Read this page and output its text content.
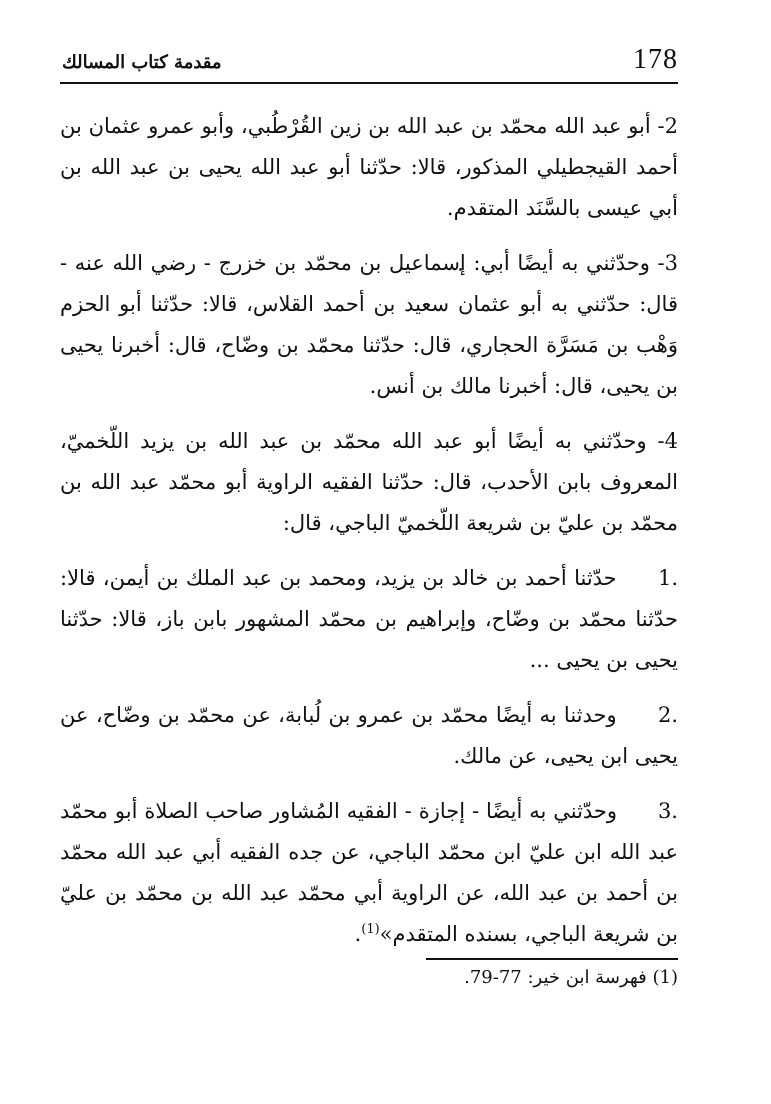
178
مقدمة كتاب المسالك

2- أبو عبد الله محمّد بن عبد الله بن زين القُرْطُبي، وأبو عمرو عثمان بن أحمد القيجطيلي المذكور، قالا: حدّثنا أبو عبد الله يحيى بن عبد الله بن أبي عيسى بالسَّنَد المتقدم.

3- وحدّثني به أيضًا أبي: إسماعيل بن محمّد بن خزرج - رضي الله عنه - قال: حدّثني به أبو عثمان سعيد بن أحمد القلاس، قالا: حدّثنا أبو الحزم وَهْب بن مَسَرَّة الحجاري، قال: حدّثنا محمّد بن وضّاح، قال: أخبرنا يحيى بن يحيى، قال: أخبرنا مالك بن أنس.

4- وحدّثني به أيضًا أبو عبد الله محمّد بن عبد الله بن يزيد اللّخميّ، المعروف بابن الأحدب، قال: حدّثنا الفقيه الراوية أبو محمّد عبد الله بن محمّد بن عليّ بن شريعة اللّخميّ الباجي، قال:

1. حدّثنا أحمد بن خالد بن يزيد، ومحمد بن عبد الملك بن أيمن، قالا: حدّثنا محمّد بن وضّاح، وإبراهيم بن محمّد المشهور بابن باز، قالا: حدّثنا يحيى بن يحيى ...

2. وحدثنا به أيضًا محمّد بن عمرو بن لُبابة، عن محمّد بن وضّاح، عن يحيى ابن يحيى، عن مالك.

3. وحدّثني به أيضًا - إجازة - الفقيه المُشاور صاحب الصلاة أبو محمّد عبد الله ابن عليّ ابن محمّد الباجي، عن جده الفقيه أبي عبد الله محمّد بن أحمد بن عبد الله، عن الراوية أبي محمّد عبد الله بن محمّد بن عليّ بن شريعة الباجي، بسنده المتقدم»$^{(1)}$.

(1) فهرسة ابن خير: 77-79.
